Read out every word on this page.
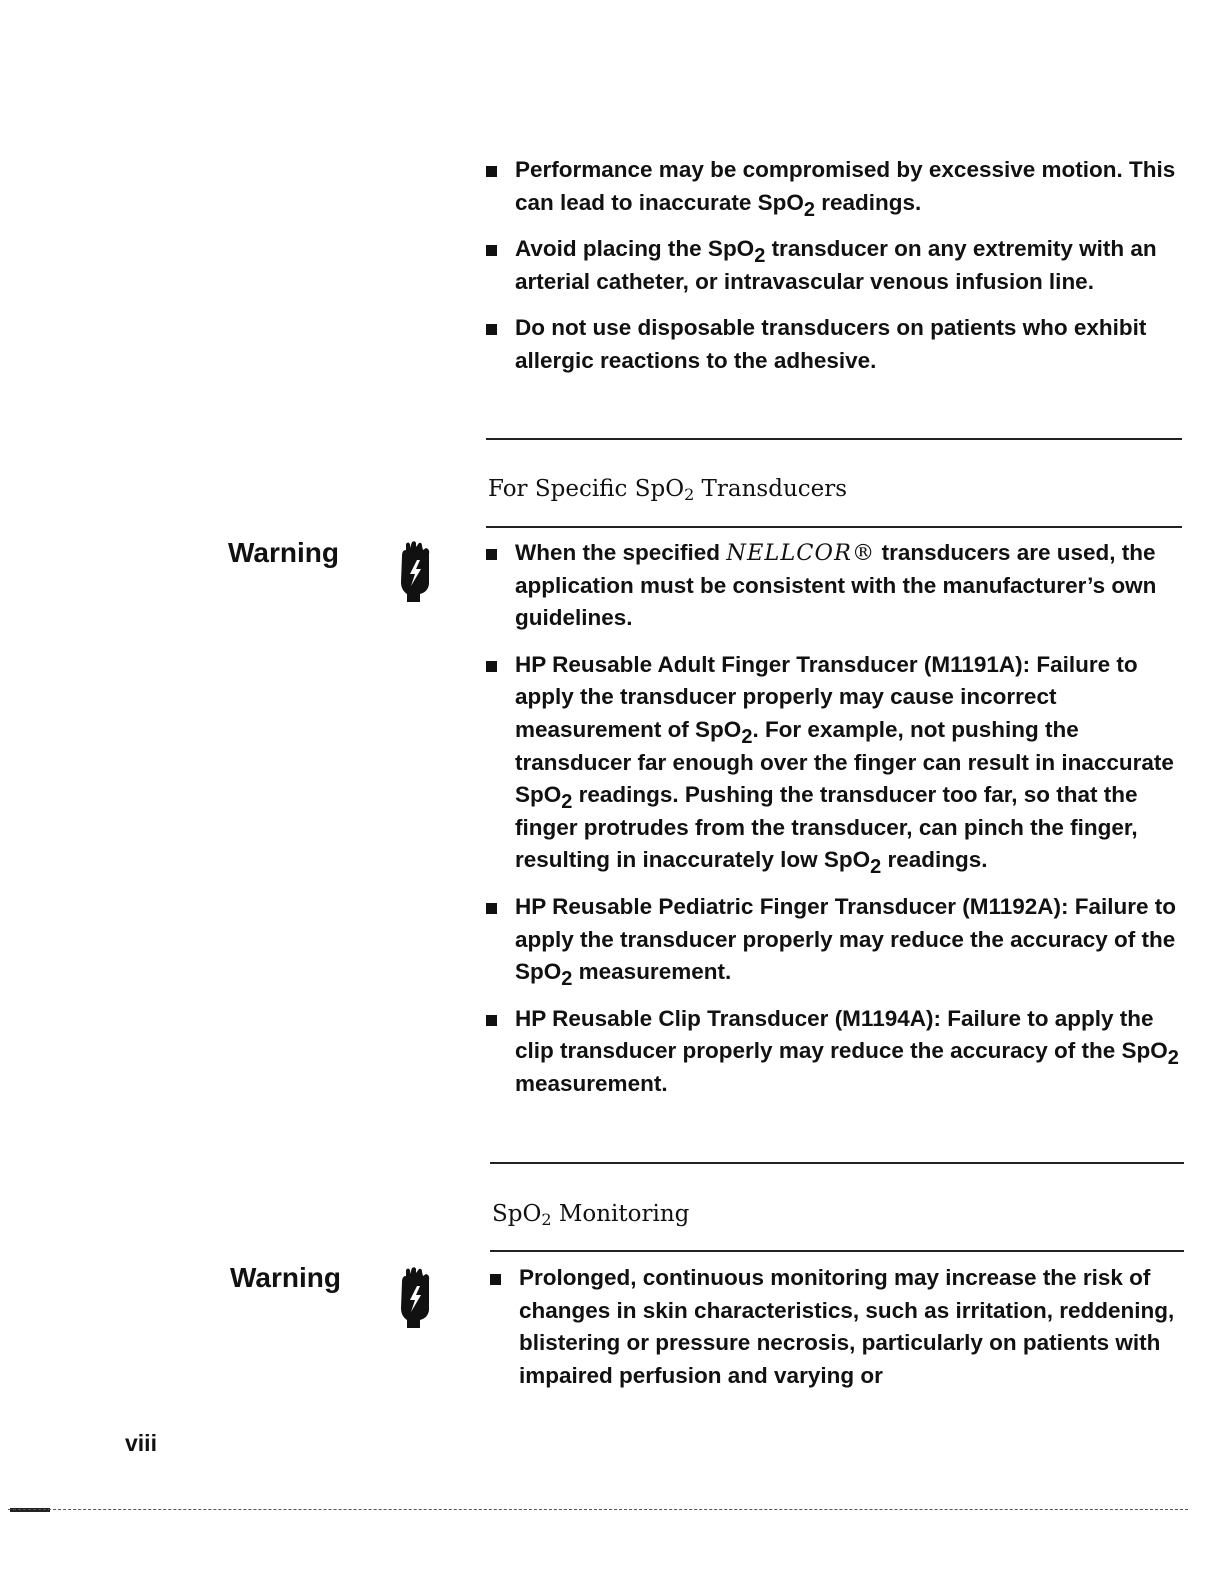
Performance may be compromised by excessive motion. This can lead to inaccurate SpO$_2$ readings.
Avoid placing the SpO$_2$ transducer on any extremity with an arterial catheter, or intravascular venous infusion line.
Do not use disposable transducers on patients who exhibit allergic reactions to the adhesive.
For Specific SpO$_2$ Transducers
Warning	When the specified NELLCOR® transducers are used, the application must be consistent with the manufacturer’s own guidelines.
HP Reusable Adult Finger Transducer (M1191A): Failure to apply the transducer properly may cause incorrect measurement of SpO$_2$. For example, not pushing the transducer far enough over the finger can result in inaccurate SpO$_2$ readings. Pushing the transducer too far, so that the finger protrudes from the transducer, can pinch the finger, resulting in inaccurately low SpO$_2$ readings.
HP Reusable Pediatric Finger Transducer (M1192A): Failure to apply the transducer properly may reduce the accuracy of the SpO$_2$ measurement.
HP Reusable Clip Transducer (M1194A): Failure to apply the clip transducer properly may reduce the accuracy of the SpO$_2$ measurement.
SpO$_2$ Monitoring
Warning	Prolonged, continuous monitoring may increase the risk of changes in skin characteristics, such as irritation, reddening, blistering or pressure necrosis, particularly on patients with impaired perfusion and varying or
viii
